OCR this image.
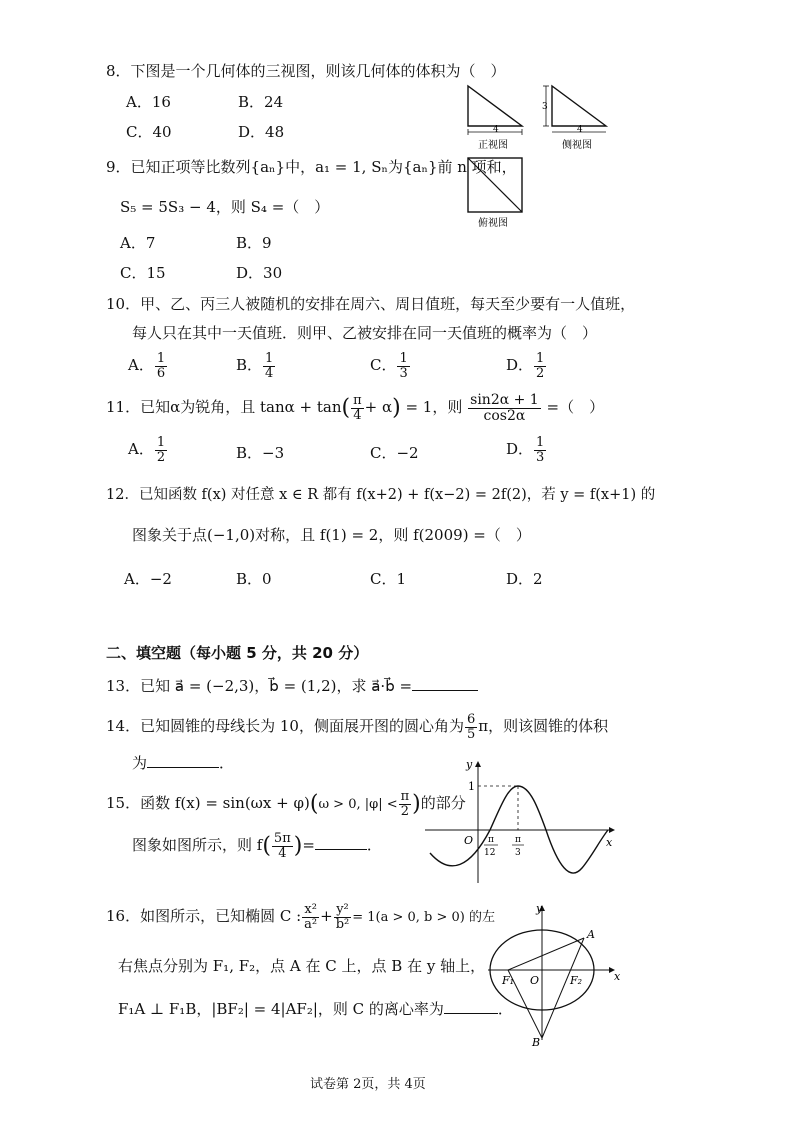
8．下图是一个几何体的三视图，则该几何体的体积为（　）
A．16	B．24
C．40	D．48	4
正视图
3
4
侧视图
俯视图
9．已知正项等比数列{aₙ}中，a₁ = 1, Sₙ为{aₙ}前 n 项和，
S₅ = 5S₃ − 4，则 S₄ =（　）
A．7	B．9
C．15	D．30
10．甲、乙、丙三人被随机的安排在周六、周日值班，每天至少要有一人值班，
每人只在其中一天值班．则甲、乙被安排在同一天值班的概率为（　）
A． $\frac{1}{6}$	B． $\frac{1}{4}$	C． $\frac{1}{3}$	D． $\frac{1}{2}$
11．已知α为锐角，且 $\tan\alpha + \tan( \frac{\pi}{4} + \alpha) = 1$，则 $\frac{\sin 2\alpha + 1}{\cos 2\alpha}$ =（　）
A． $\frac{1}{2}$	B．−3	C．−2	D． $\frac{1}{3}$
12．已知函数 f(x) 对任意 x ∈ R 都有 f(x+2) + f(x−2) = 2f(2)，若 y = f(x+1) 的
图象关于点(−1,0)对称，且 f(1) = 2，则 f(2009) =（　）
A．−2	B．0	C．1	D．2
二、填空题（每小题 5 分，共 20 分）
13．已知 a⃗ = (−2,3)，b⃗ = (1,2)，求 a⃗·b⃗ =
14．已知圆锥的母线长为 10，侧面展开图的圆心角为 $\frac{6}{5}$ π，则该圆锥的体积
为	．
15．函数 f(x) = sin(ωx + φ)(ω > 0, $|\varphi| < \frac{\pi}{2}$ )的部分
图象如图所示，则 $f( \frac{5\pi}{4}$ )=	．
y
x
O
1
π
12
π
3
16．如图所示，已知椭圆 C : $\frac{\text{x²}}{\text{a²}} + \frac{\text{y²}}{\text{b²}} = 1(a > 0$, b > 0) 的左
右焦点分别为 F₁, F₂，点 A 在 C 上，点 B 在 y 轴上，
F₁A ⊥ F₁B，|BF₂| = 4|AF₂|，则 C 的离心率为	．
y
x
O
F₁	F₂
A
B
试卷第 2页，共 4页
